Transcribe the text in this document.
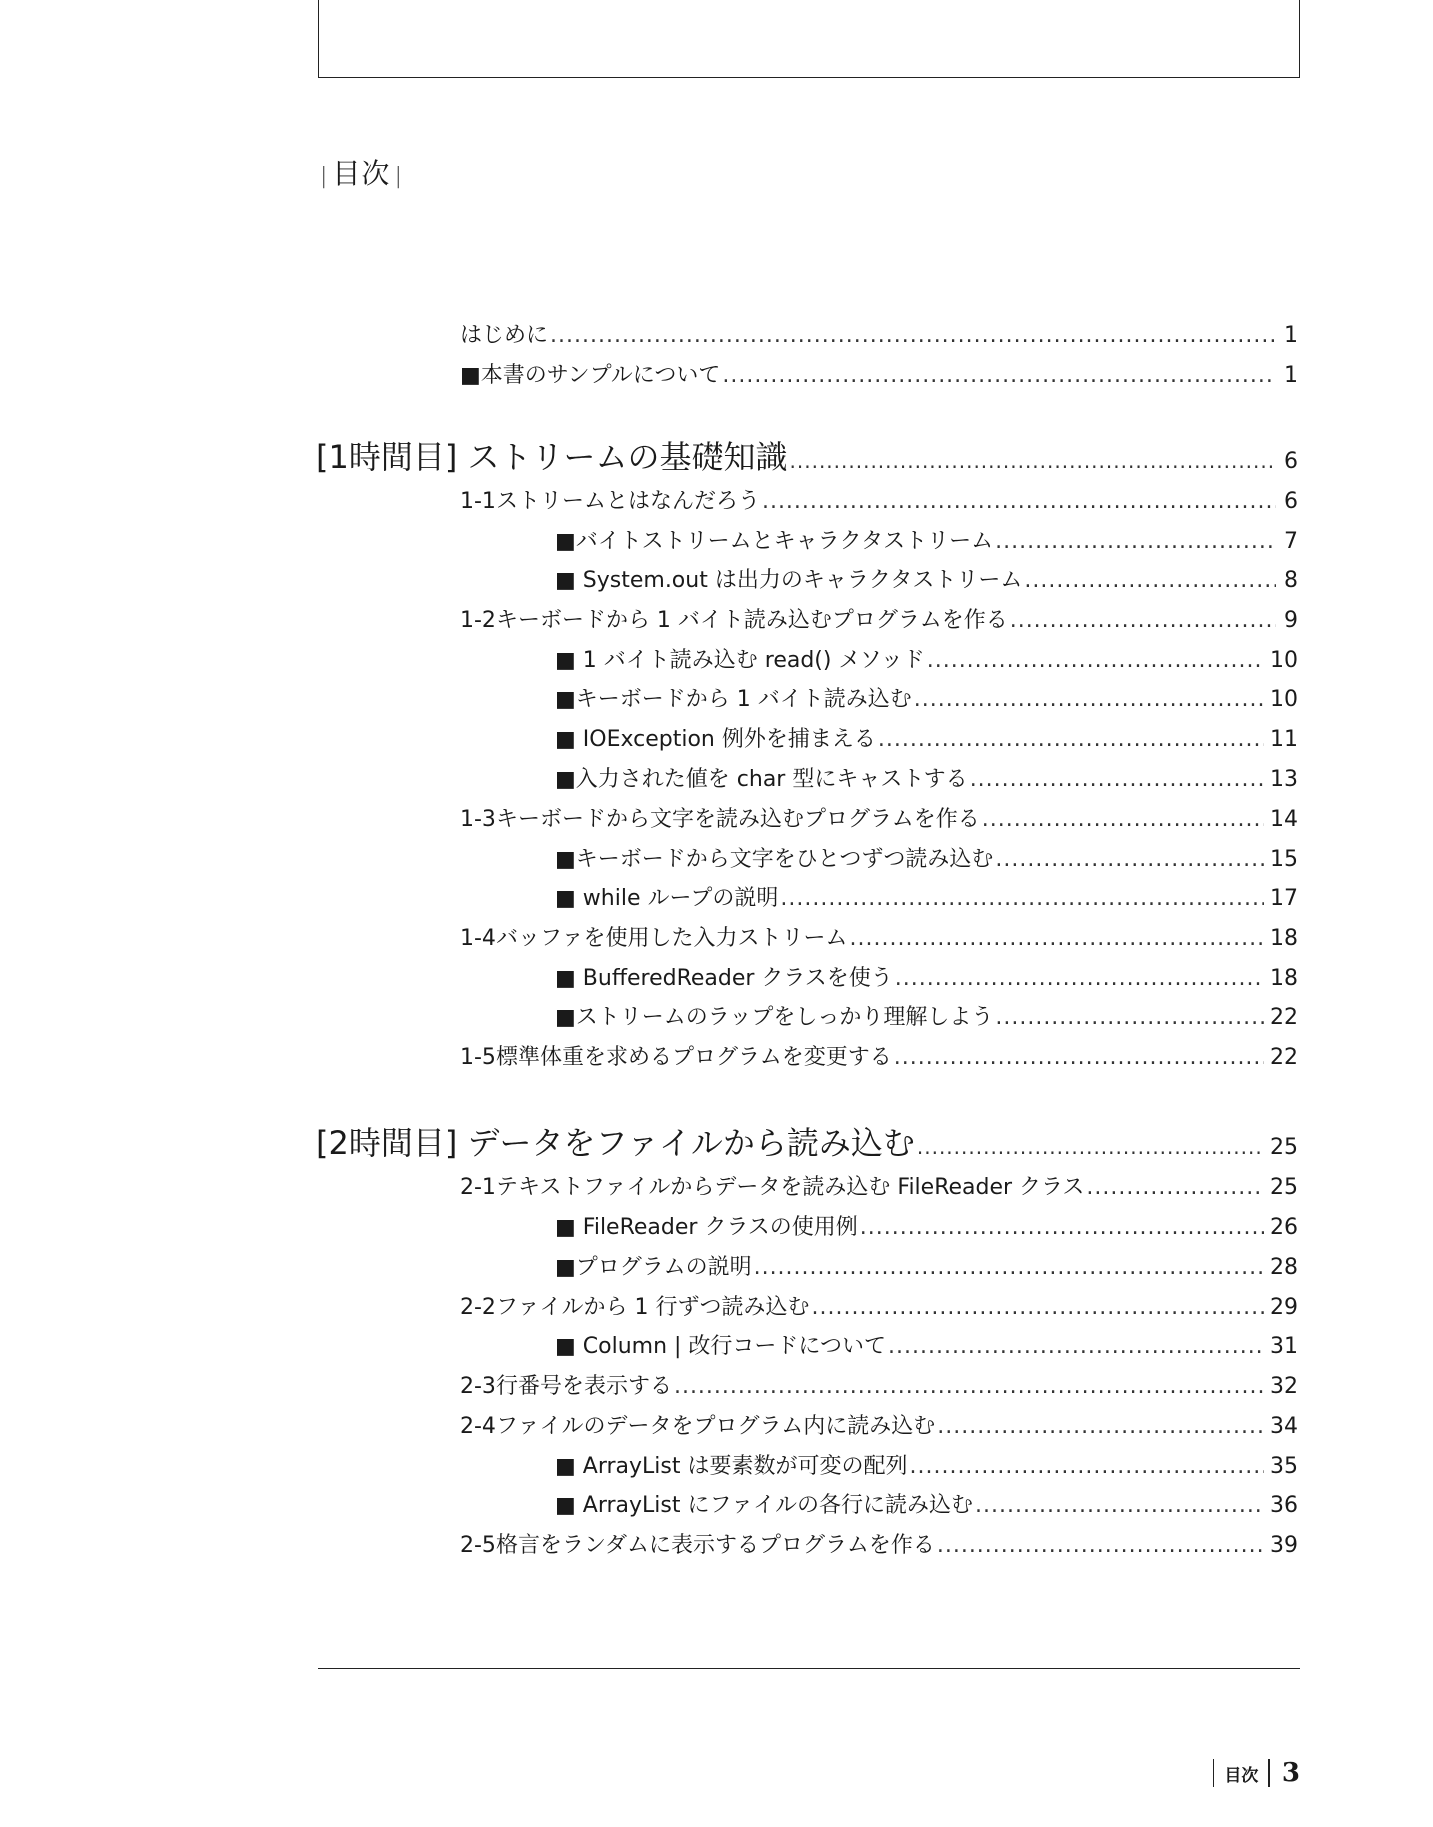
| 目次 |
はじめに .....	1
■本書のサンプルについて .....	1
[1時間目] ストリームの基礎知識 .....	6
1-1 ストリームとはなんだろう .....	6
■バイトストリームとキャラクタストリーム .....	7
■ System.out は出力のキャラクタストリーム .....	8
1-2 キーボードから 1 バイト読み込むプログラムを作る .....	9
■ 1 バイト読み込む read() メソッド .....	10
■キーボードから 1 バイト読み込む .....	10
■ IOException 例外を捕まえる .....	11
■入力された値を char 型にキャストする .....	13
1-3 キーボードから文字を読み込むプログラムを作る .....	14
■キーボードから文字をひとつずつ読み込む .....	15
■ while ループの説明 .....	17
1-4 バッファを使用した入力ストリーム .....	18
■ BufferedReader クラスを使う .....	18
■ストリームのラップをしっかり理解しよう .....	22
1-5 標準体重を求めるプログラムを変更する .....	22
[2時間目] データをファイルから読み込む .....	25
2-1 テキストファイルからデータを読み込む FileReader クラス .....	25
■ FileReader クラスの使用例 .....	26
■プログラムの説明 .....	28
2-2 ファイルから 1 行ずつ読み込む .....	29
■ Column | 改行コードについて .....	31
2-3 行番号を表示する .....	32
2-4 ファイルのデータをプログラム内に読み込む .....	34
■ ArrayList は要素数が可変の配列 .....	35
■ ArrayList にファイルの各行に読み込む .....	36
2-5 格言をランダムに表示するプログラムを作る .....	39
目次 3
